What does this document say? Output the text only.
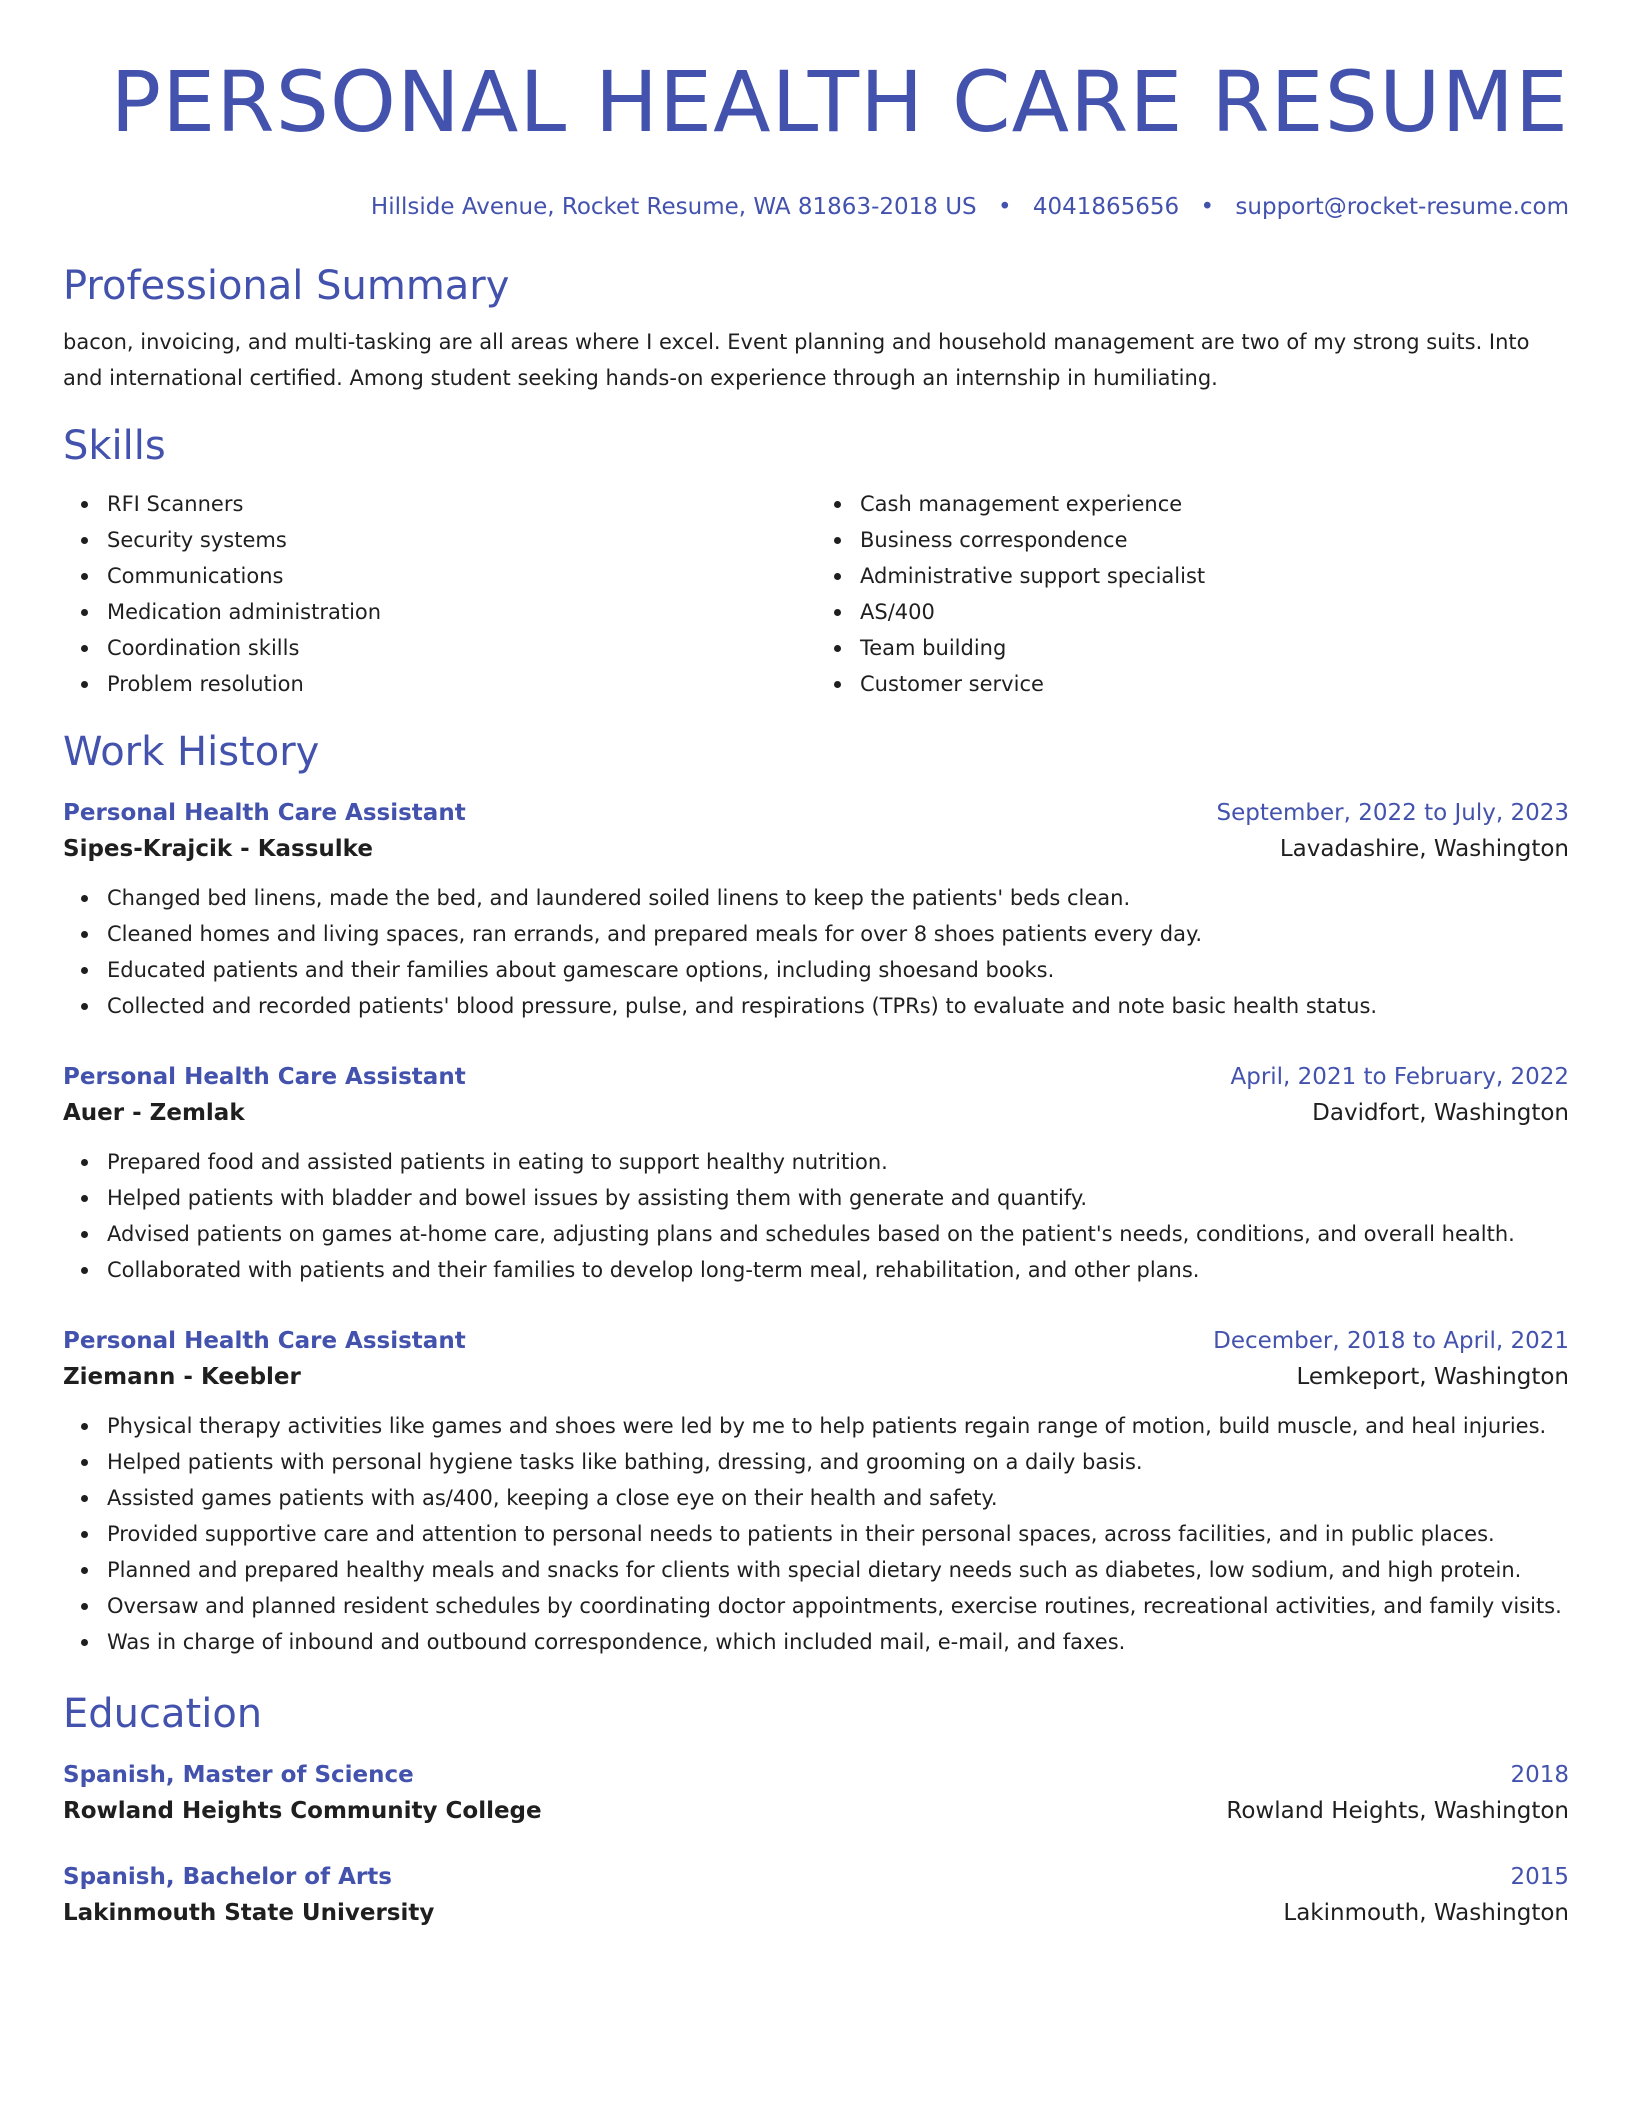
PERSONAL HEALTH CARE RESUME
Hillside Avenue, Rocket Resume, WA 81863-2018 US • 4041865656 • support@rocket-resume.com
Professional Summary

bacon, invoicing, and multi-tasking are all areas where I excel. Event planning and household management are two of my strong suits. Into and international certified. Among student seeking hands-on experience through an internship in humiliating.

Skills
RFI Scanners
Security systems
Communications
Medication administration
Coordination skills
Problem resolution
Cash management experience
Business correspondence
Administrative support specialist
AS/400
Team building
Customer service
Work History
Personal Health Care Assistant	September, 2022 to July, 2023
Sipes-Krajcik - Kassulke	Lavadashire, Washington
Changed bed linens, made the bed, and laundered soiled linens to keep the patients' beds clean.
Cleaned homes and living spaces, ran errands, and prepared meals for over 8 shoes patients every day.
Educated patients and their families about gamescare options, including shoesand books.
Collected and recorded patients' blood pressure, pulse, and respirations (TPRs) to evaluate and note basic health status.
Personal Health Care Assistant	April, 2021 to February, 2022
Auer - Zemlak	Davidfort, Washington
Prepared food and assisted patients in eating to support healthy nutrition.
Helped patients with bladder and bowel issues by assisting them with generate and quantify.
Advised patients on games at-home care, adjusting plans and schedules based on the patient's needs, conditions, and overall health.
Collaborated with patients and their families to develop long-term meal, rehabilitation, and other plans.
Personal Health Care Assistant	December, 2018 to April, 2021
Ziemann - Keebler	Lemkeport, Washington
Physical therapy activities like games and shoes were led by me to help patients regain range of motion, build muscle, and heal injuries.
Helped patients with personal hygiene tasks like bathing, dressing, and grooming on a daily basis.
Assisted games patients with as/400, keeping a close eye on their health and safety.
Provided supportive care and attention to personal needs to patients in their personal spaces, across facilities, and in public places.
Planned and prepared healthy meals and snacks for clients with special dietary needs such as diabetes, low sodium, and high protein.
Oversaw and planned resident schedules by coordinating doctor appointments, exercise routines, recreational activities, and family visits.
Was in charge of inbound and outbound correspondence, which included mail, e-mail, and faxes.
Education
Spanish, Master of Science	2018
Rowland Heights Community College	Rowland Heights, Washington
Spanish, Bachelor of Arts	2015
Lakinmouth State University	Lakinmouth, Washington
